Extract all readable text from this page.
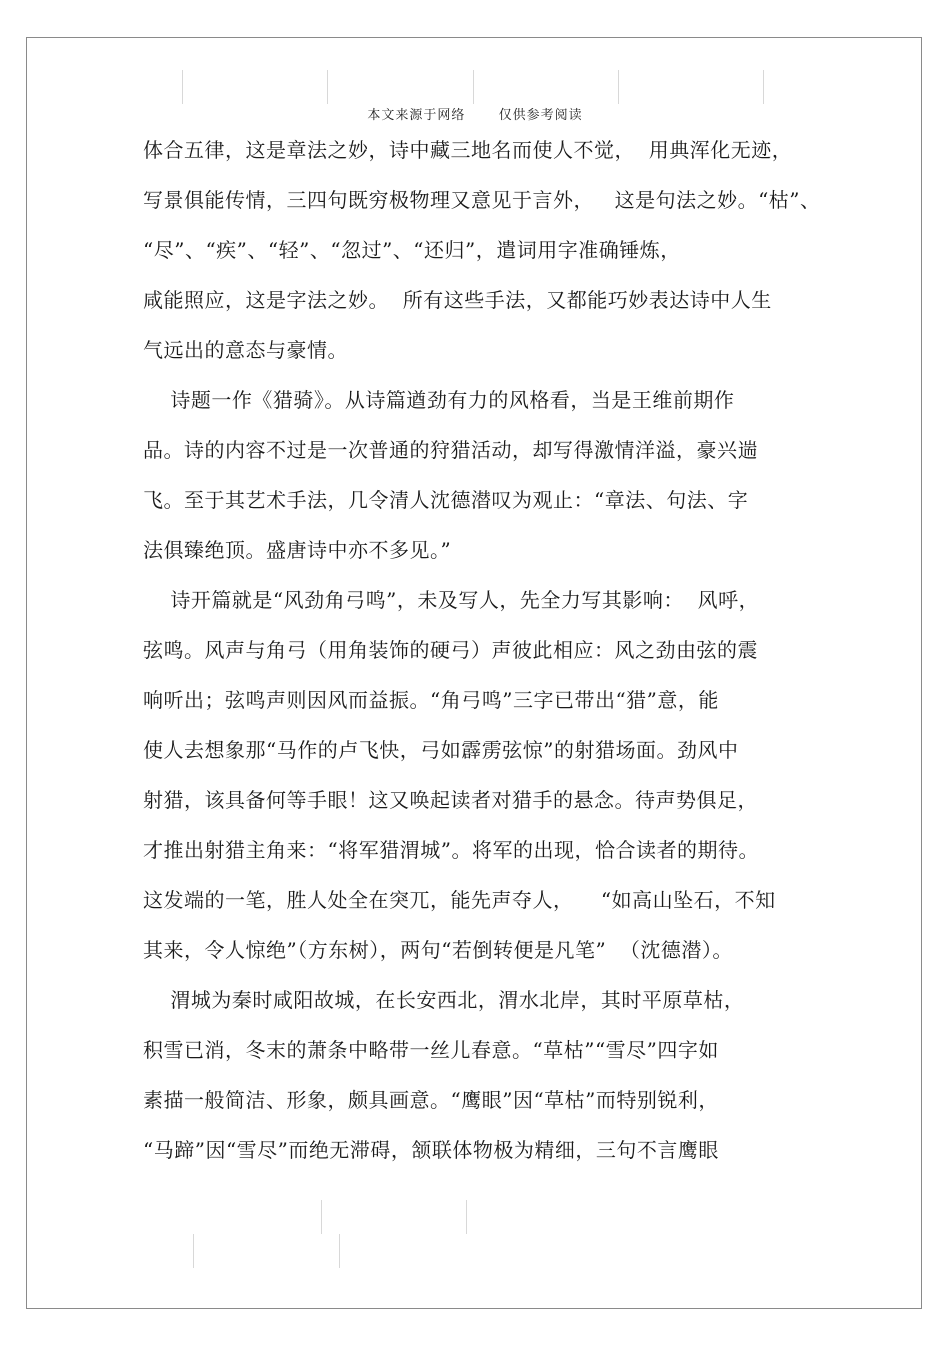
本文来源于网络	仅供参考阅读
体合五律，这是章法之妙，诗中藏三地名而使人不觉，  用典浑化无迹，
写景俱能传情，三四句既穷极物理又意见于言外，   这是句法之妙。“枯”、
“尽”、“疾”、“轻”、“忽过”、“还归”，遣词用字准确锤炼，
咸能照应，这是字法之妙。  所有这些手法，又都能巧妙表达诗中人生
气远出的意态与豪情。
诗题一作《猎骑》。从诗篇遒劲有力的风格看，当是王维前期作
品。诗的内容不过是一次普通的狩猎活动，却写得激情洋溢，豪兴遄
飞。至于其艺术手法，几令清人沈德潜叹为观止：“章法、句法、字
法俱臻绝顶。盛唐诗中亦不多见。”
诗开篇就是“风劲角弓鸣”，未及写人，先全力写其影响：  风呼，
弦鸣。风声与角弓（用角装饰的硬弓）声彼此相应：风之劲由弦的震
响听出；弦鸣声则因风而益振。“角弓鸣”三字已带出“猎”意，能
使人去想象那“马作的卢飞快，弓如霹雳弦惊”的射猎场面。劲风中
射猎，该具备何等手眼！这又唤起读者对猎手的悬念。待声势俱足，
才推出射猎主角来：“将军猎渭城”。将军的出现，恰合读者的期待。
这发端的一笔，胜人处全在突兀，能先声夺人，    “如高山坠石，不知
其来，令人惊绝”（方东树），两句“若倒转便是凡笔”  （沈德潜）。
渭城为秦时咸阳故城，在长安西北，渭水北岸，其时平原草枯，
积雪已消，冬末的萧条中略带一丝儿春意。“草枯”“雪尽”四字如
素描一般简洁、形象，颇具画意。“鹰眼”因“草枯”而特别锐利，
“马蹄”因“雪尽”而绝无滞碍，颔联体物极为精细，三句不言鹰眼
